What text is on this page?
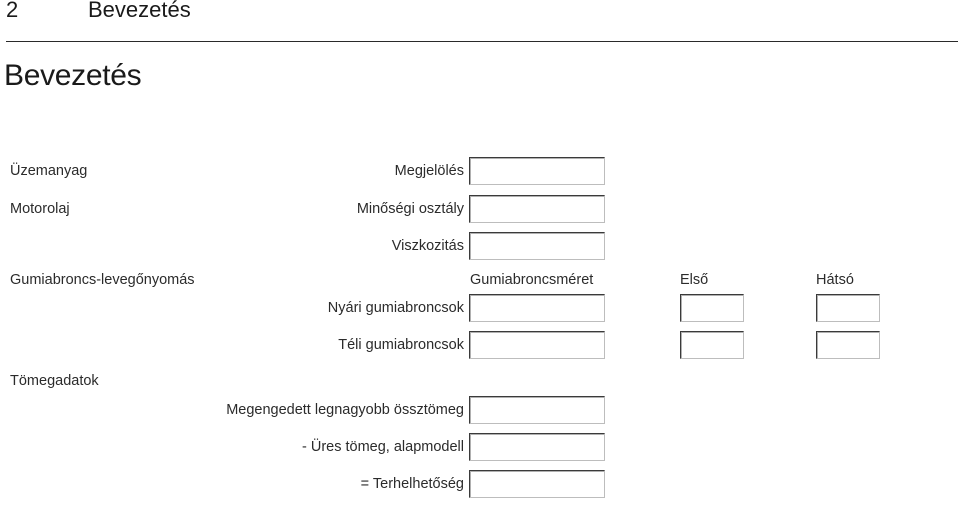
2	Bevezetés
Bevezetés
Üzemanyag	Megjelölés
Motorolaj	Minőségi osztály
Viszkozitás
Gumiabroncs-levegőnyomás	Gumiabroncsméret	Első	Hátsó
Nyári gumiabroncsok
Téli gumiabroncsok
Tömegadatok
Megengedett legnagyobb össztömeg
- Üres tömeg, alapmodell
= Terhelhetőség
